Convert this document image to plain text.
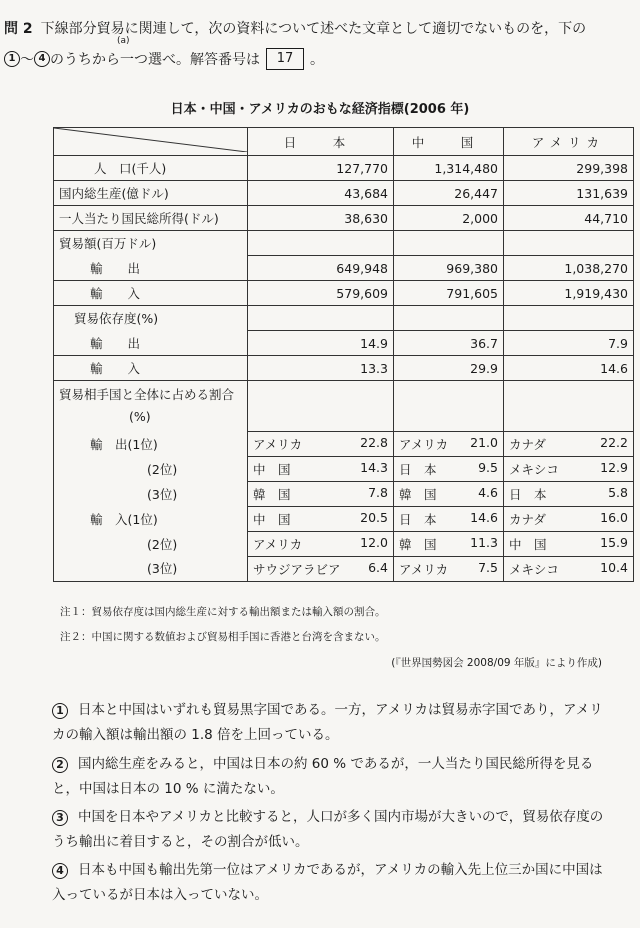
問 2 下線部分貿易に関連して，次の資料について述べた文章として適切でないものを，下の
(a)
1 〜 4 のうちから一つ選べ。解答番号は	17	。
日本・中国・アメリカのおもな経済指標(2006 年)
	日　本	中　国	アメリカ
人　口(千人)	127,770	1,314,480	299,398
国内総生産(億ドル)	43,684	26,447	131,639
一人当たり国民総所得(ドル)	38,630	2,000	44,710
貿易額(百万ドル)			
輸　　出	649,948	969,380	1,038,270
輸　　入	579,609	791,605	1,919,430
貿易依存度(%)			
輸　　出	14.9	36.7	7.9
輸　　入	13.3	29.9	14.6

貿易相手国と全体に占める割合
(%)			

輸　出(1位)	アメリカ 22.8	アメリカ 21.0	カナダ 22.2

(2位)	中　国 14.3	日　本 9.5	メキシコ 12.9

(3位)	韓　国 7.8	韓　国 4.6	日　本 5.8

輸　入(1位)	中　国 20.5	日　本 14.6	カナダ 16.0

(2位)	アメリカ 12.0	韓　国 11.3	中　国 15.9

(3位)	サウジアラビア 6.4	アメリカ 7.5	メキシコ 10.4
注１：貿易依存度は国内総生産に対する輸出額または輸入額の割合。
注２：中国に関する数値および貿易相手国に香港と台湾を含まない。
(『世界国勢図会 2008/09 年版』により作成)
1 日本と中国はいずれも貿易黒字国である。一方，アメリカは貿易赤字国であり，アメリカの輸入額は輸出額の 1.8 倍を上回っている。
2 国内総生産をみると，中国は日本の約 60 % であるが，一人当たり国民総所得を見ると，中国は日本の 10 % に満たない。
3 中国を日本やアメリカと比較すると，人口が多く国内市場が大きいので，貿易依存度のうち輸出に着目すると，その割合が低い。
4 日本も中国も輸出先第一位はアメリカであるが，アメリカの輸入先上位三か国に中国は入っているが日本は入っていない。
